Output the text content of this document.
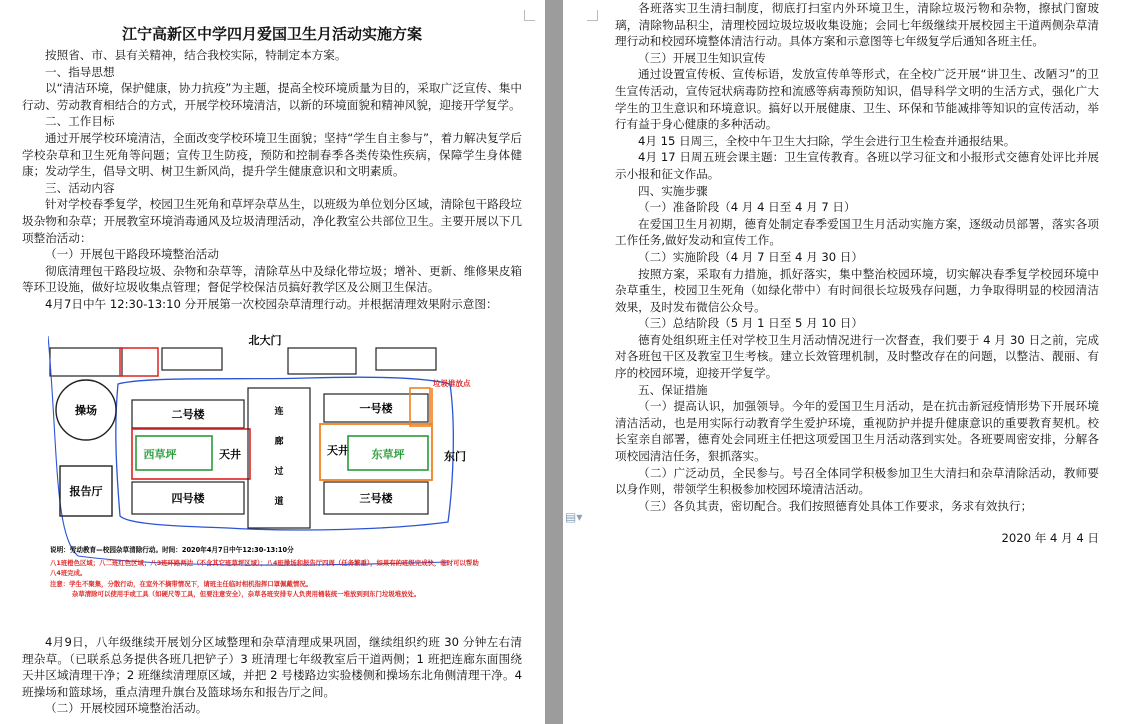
江宁高新区中学四月爱国卫生月活动实施方案
按照省、市、县有关精神，结合我校实际，特制定本方案。
一、指导思想
以“清洁环境，保护健康，协力抗疫”为主题，提高全校环境质量为目的，采取广泛宣传、集中行动、劳动教育相结合的方式，开展学校环境清洁，以新的环境面貌和精神风貌，迎接开学复学。
二、工作目标
通过开展学校环境清洁，全面改变学校环境卫生面貌；坚持“学生自主参与”，着力解决复学后学校杂草和卫生死角等问题；宣传卫生防疫，预防和控制春季各类传染性疾病，保障学生身体健康；发动学生，倡导文明、树卫生新风尚，提升学生健康意识和文明素质。
三、活动内容
针对学校春季复学，校园卫生死角和草坪杂草丛生，以班级为单位划分区域，清除包干路段垃圾杂物和杂草；开展教室环境消毒通风及垃圾清理活动，净化教室公共部位卫生。主要开展以下几项整治活动：
（一）开展包干路段环境整治活动
彻底清理包干路段垃圾、杂物和杂草等，清除草丛中及绿化带垃圾；增补、更新、维修果皮箱等环卫设施，做好垃圾收集点管理；督促学校保洁员搞好教学区及公厕卫生保洁。
4月7日中午 12:30-13:10 分开展第一次校园杂草清理行动。并根据清理效果附示意图：
北大门
操场
报告厅
二号楼
西草坪	天井
四号楼
连廊过道
一号楼
天井 东草坪
三号楼
东门
垃圾堆放点
说明：劳动教育—校园杂草清除行动。时间：2020年4月7日中午12:30-13:10分
八1班橙色区域；八二班红色区域；八3班环路两边（不含其它班草坪区域）；八4班操场和报告厅四周（任务繁重），如果有的班级完成快，临时可以帮助八4班完成。
注意：学生不聚集，分散行动，在室外不摘带情况下，请班主任临时相机指挥口罩佩戴情况。
杂草清除可以使用手或工具（如硬尺等工具，但要注意安全），杂草各班安排专人负责用桶装统一堆放到到东门垃圾堆放处。
4月9日，八年级继续开展划分区域整理和杂草清理成果巩固，继续组织约班 30 分钟左右清理杂草。（已联系总务提供各班几把铲子）3 班清理七年级教室后干道两侧；1 班把连廊东面围绕天井区域清理干净；2 班继续清理原区域，并把 2 号楼路边实验楼侧和操场东北角侧清理干净。4 班操场和篮球场，重点清理升旗台及篮球场东和报告厅之间。
（二）开展校园环境整治活动。
各班落实卫生清扫制度，彻底打扫室内外环境卫生，清除垃圾污物和杂物，擦拭门窗玻璃，清除物品积尘，清理校园垃圾垃圾收集设施；会同七年级继续开展校园主干道两侧杂草清理行动和校园环境整体清洁行动。具体方案和示意图等七年级复学后通知各班主任。
（三）开展卫生知识宣传
通过设置宣传板、宣传标语，发放宣传单等形式，在全校广泛开展“讲卫生、改陋习”的卫生宣传活动，宣传冠状病毒防控和流感等病毒预防知识，倡导科学文明的生活方式，强化广大学生的卫生意识和环境意识。搞好以开展健康、卫生、环保和节能减排等知识的宣传活动，举行有益于身心健康的多种活动。
4月 15 日周三，全校中午卫生大扫除，学生会进行卫生检查并通报结果。
4月 17 日周五班会课主题：卫生宣传教育。各班以学习征文和小报形式交德育处评比并展示小报和征文作品。
四、实施步骤
（一）准备阶段（4 月 4 日至 4 月 7 日）
在爱国卫生月初期，德育处制定春季爱国卫生月活动实施方案，逐级动员部署，落实各项工作任务,做好发动和宣传工作。
（二）实施阶段（4 月 7 日至 4 月 30 日）
按照方案，采取有力措施，抓好落实，集中整治校园环境，切实解决春季复学校园环境中杂草重生，校园卫生死角（如绿化带中）有时间很长垃圾残存问题，力争取得明显的校园清洁效果，及时发布微信公众号。
（三）总结阶段（5 月 1 日至 5 月 10 日）
德育处组织班主任对学校卫生月活动情况进行一次督查，我们要于 4 月 30 日之前，完成对各班包干区及教室卫生考核。建立长效管理机制，及时整改存在的问题，以整洁、靓丽、有序的校园环境，迎接开学复学。
五、保证措施
（一）提高认识，加强领导。今年的爱国卫生月活动，是在抗击新冠疫情形势下开展环境清洁活动，也是用实际行动教育学生爱护环境，重视防护并提升健康意识的重要教育契机。校长室亲自部署，德育处会同班主任把这项爱国卫生月活动落到实处。各班要周密安排，分解各项校园清洁任务，狠抓落实。
（二）广泛动员，全民参与。号召全体同学积极参加卫生大清扫和杂草清除活动，教师要以身作则，带领学生积极参加校园环境清洁活动。
（三）各负其责，密切配合。我们按照德育处具体工作要求，务求有效执行；
2020 年 4 月 4 日
▤▾
